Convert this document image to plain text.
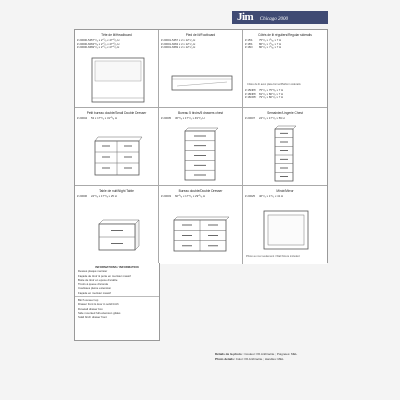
Jim Chicago 2000
Tête de lit/Headboard
# 20000-5457"¹/₄ x 2"⁷/₈ x 47"⁵/₈ H
# 20000-6063"³/₈ x 2"⁷/₈ x 47"⁵/₈ H
# 20000-6669"¹/₂ x 2"⁷/₈ x 47"⁵/₈ H
Pied de lit/Footboard
# 20001-5457 x 2 x 12"¹/₄ H
# 20001-6063 x 2 x 12"¹/₄ H
# 20001-6669 x 2 x 12"¹/₄ H
Côtés de lit réguliers/Regular siderails
# 15S 75"¹/₂ x ¹⁵/₁₆ x 7 H
# 18S 80"¹/₂ x ¹⁵/₁₆ x 7 H
# 18O 80"¹/₂ x ¹⁵/₁₆ x 7 H
Côtés de lit avec plate-forme/Platform siderails
# 15NPF 75"¹/₂ x 75"³/₈ x 7 H
# 18NPF 81"¹/₂ x 80"¹/₂ x 7 H
# 18OPF 79"¹/₂ x 80"¹/₂ x 7 H
Petit bureau double/Small Double Dresser
# 20004 53 x 17"³/₄ x 31"⁵/₈ H
Bureau 5 tiroirs/5 drawers chest
# 20005 30"³/₈ x 17"¹/₂ x 49"³/₄ H
Semainier/Lingerie Chest
# 20007 24"¹/₂ x 17"¹/₂ x 59 H
Table de nuit/Night Table
# 20006 24"³/₈ x 17"³/₈ x 25 H
Bureau double/Double Dresser
# 20003 60"⁵/₈ x 17"³/₄ x 29"⁵/₈ H
Miroir/Mirror
# 20025 46"¹/₂ x 1"¹/₂ x 41 H
Photo au mur seulement / Wall fixture included
INFORMATIONS / INFORMATION
Dessus plaqué merisier
Façade de tiroir & porte en merisier massif
Boite de tiroir en epoxe d'erable
Tiroirs à queue d'aronde
Coulisses pleine extension
Façade en merisier massif
Birch veneer top
Drawer front & door in solid birch
Dovetail drawer box
Side mounted full extension glides
Solid birch drawer front
Détails de la photo : Couleur: PA Anthracite ; Poignées: MEL
Photo details: Color: PA Anthracite ; Handles: MEL
